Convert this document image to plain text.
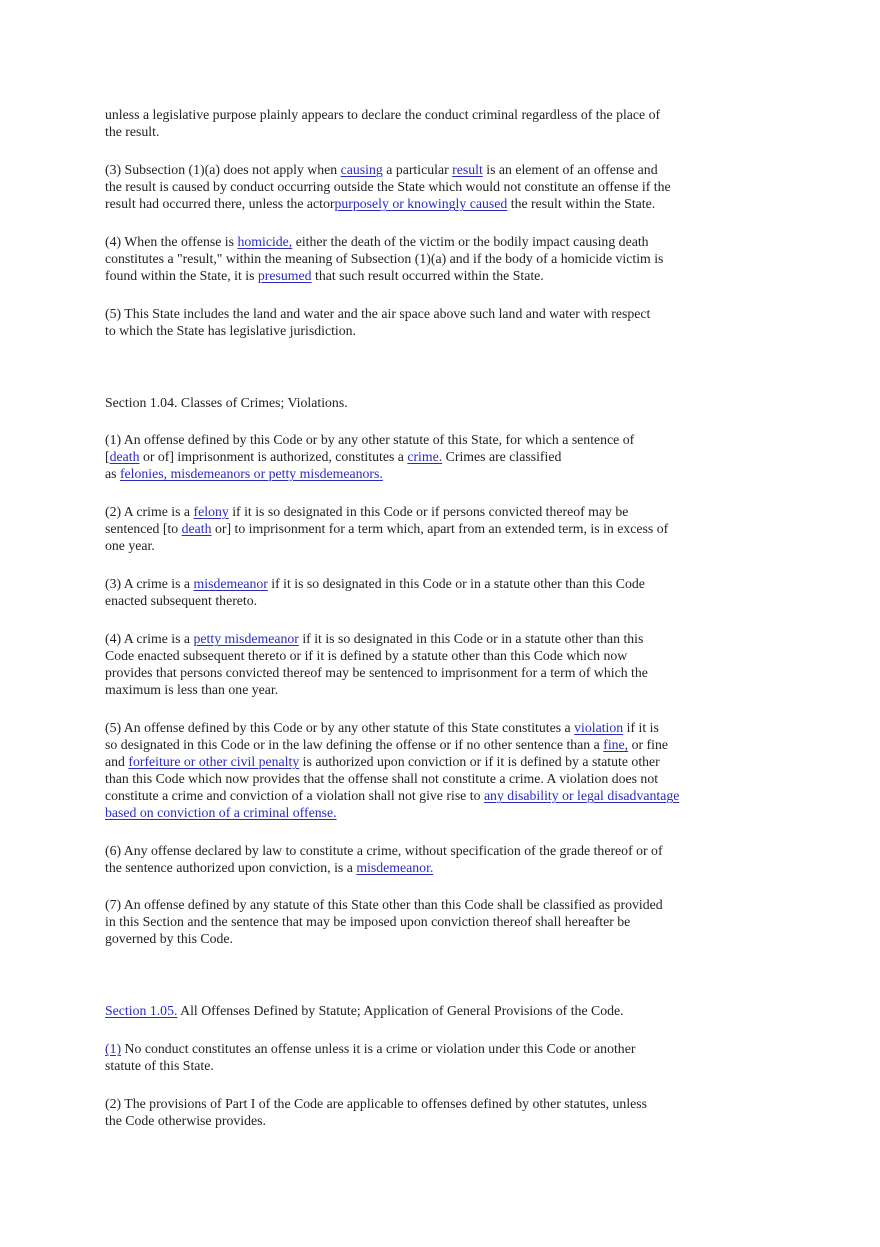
unless a legislative purpose plainly appears to declare the conduct criminal regardless of the place of
the result.

(3) Subsection (1)(a) does not apply when causing a particular result is an element of an offense and
the result is caused by conduct occurring outside the State which would not constitute an offense if the
result had occurred there, unless the actorpurposely or knowingly caused the result within the State.

(4) When the offense is homicide, either the death of the victim or the bodily impact causing death
constitutes a "result," within the meaning of Subsection (1)(a) and if the body of a homicide victim is
found within the State, it is presumed that such result occurred within the State.

(5) This State includes the land and water and the air space above such land and water with respect
to which the State has legislative jurisdiction.

Section 1.04. Classes of Crimes; Violations.

(1) An offense defined by this Code or by any other statute of this State, for which a sentence of
[death or of] imprisonment is authorized, constitutes a crime. Crimes are classified
as felonies, misdemeanors or petty misdemeanors.

(2) A crime is a felony if it is so designated in this Code or if persons convicted thereof may be
sentenced [to death or] to imprisonment for a term which, apart from an extended term, is in excess of
one year.

(3) A crime is a misdemeanor if it is so designated in this Code or in a statute other than this Code
enacted subsequent thereto.

(4) A crime is a petty misdemeanor if it is so designated in this Code or in a statute other than this
Code enacted subsequent thereto or if it is defined by a statute other than this Code which now
provides that persons convicted thereof may be sentenced to imprisonment for a term of which the
maximum is less than one year.

(5) An offense defined by this Code or by any other statute of this State constitutes a violation if it is
so designated in this Code or in the law defining the offense or if no other sentence than a fine, or fine
and forfeiture or other civil penalty is authorized upon conviction or if it is defined by a statute other
than this Code which now provides that the offense shall not constitute a crime. A violation does not
constitute a crime and conviction of a violation shall not give rise to any disability or legal disadvantage
based on conviction of a criminal offense.

(6) Any offense declared by law to constitute a crime, without specification of the grade thereof or of
the sentence authorized upon conviction, is a misdemeanor.

(7) An offense defined by any statute of this State other than this Code shall be classified as provided
in this Section and the sentence that may be imposed upon conviction thereof shall hereafter be
governed by this Code.

Section 1.05. All Offenses Defined by Statute; Application of General Provisions of the Code.

(1) No conduct constitutes an offense unless it is a crime or violation under this Code or another
statute of this State.

(2) The provisions of Part I of the Code are applicable to offenses defined by other statutes, unless
the Code otherwise provides.
